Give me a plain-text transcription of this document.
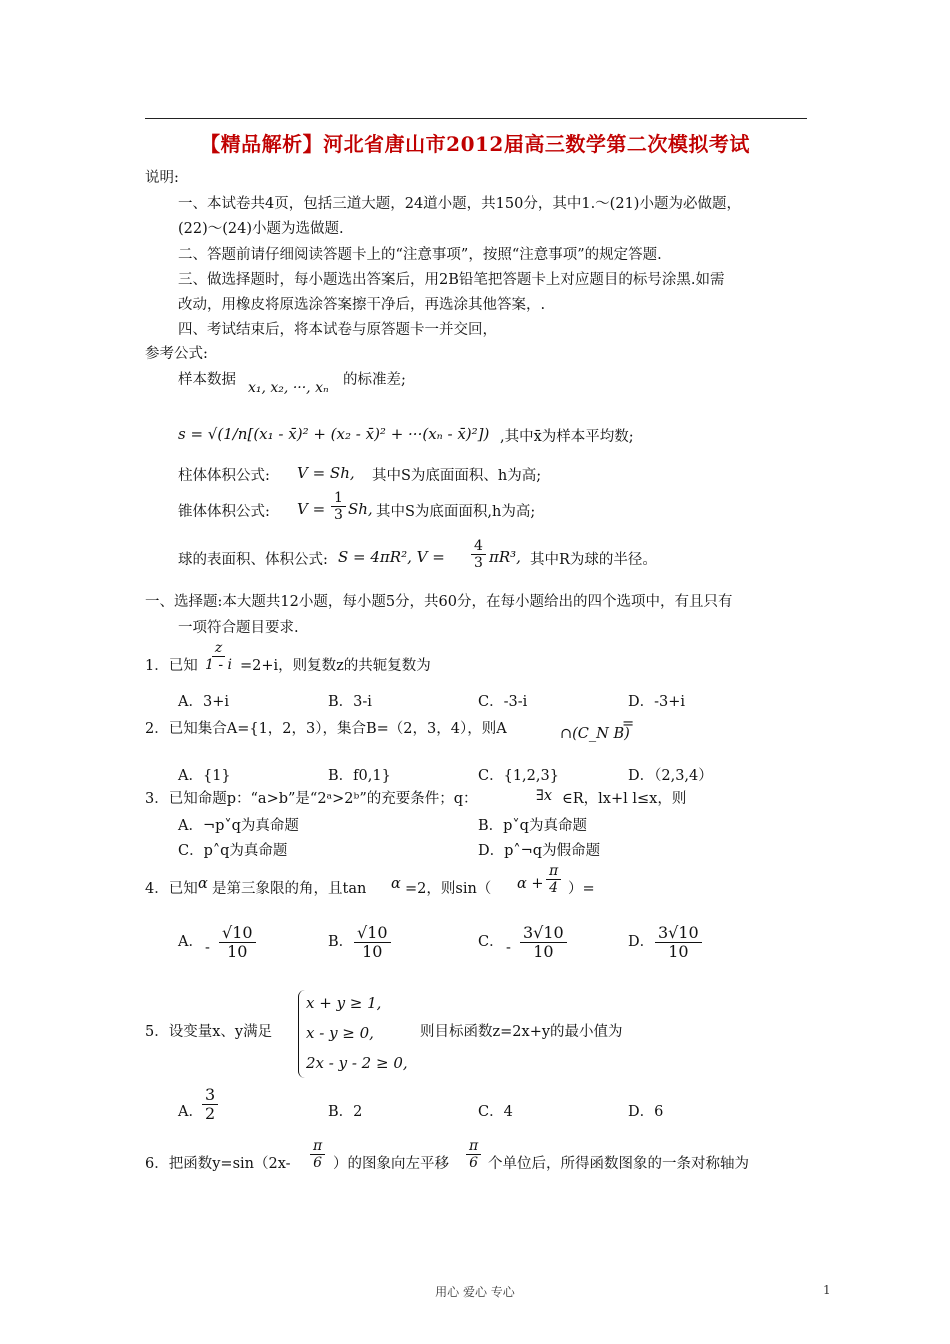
【精品解析】河北省唐山市2012届高三数学第二次模拟考试
说明:
一、本试卷共4页，包括三道大题，24道小题，共150分，其中1.～(21)小题为必做题，
(22)～(24)小题为选做题.
二、答题前请仔细阅读答题卡上的“注意事项”，按照“注意事项”的规定答题.
三、做选择题时，每小题选出答案后，用2B铅笔把答题卡上对应题目的标号涂黑.如需
改动，用橡皮将原选涂答案擦干净后，再选涂其他答案，.
四、考试结束后，将本试卷与原答题卡一并交回，
参考公式:
样本数据 x₁, x₂, ···, xₙ 的标准差;
s = √(1/n[(x₁ - x̄)² + (x₂ - x̄)² + ···(xₙ - x̄)²]) ,其中x̄为样本平均数;
柱体体积公式: V = Sh, 其中S为底面面积、h为高;
锥体体积公式: $V = \frac{1}{3} Sh$, 其中S为底面面积,h为高;
球的表面积、体积公式: S = 4πR², $V = \frac{4}{3} \pi R^3$, 其中R为球的半径。
一、选择题:本大题共12小题，每小题5分，共60分，在每小题给出的四个选项中，有且只有
一项符合题目要求.
1．已知 $\frac{z}{1 - i} =2+i$，则复数z的共轭复数为
A．3+i	B．3-i	C．-3-i	D．-3+i
2．已知集合A={1，2，3），集合B=（2，3，4），则A	∩(C_N B)
=
A．{1}	B．f0,1}	C．{1,2,3}	D．（2,3,4）
3．已知命题p：“a>b”是“2ᵃ>2ᵇ”的充要条件；q：	∃x ∈R，lx+l l≤x，则
A．¬p˅q为真命题	B．p˅q为真命题
C．p˄q为真命题	D．p˄¬q为假命题
4．已知 α 是第三象限的角，且tan α =2，则sin（ $\alpha + \frac{\pi}{4}$ ）=
A． - $\frac{√10}{10}$	B． $\frac{√10}{10}$	C． - $\frac{3√10}{10}$	D． $\frac{3√10}{10}$
5．设变量x、y满足
x + y ≥ 1,
x - y ≥ 0,
2x - y - 2 ≥ 0,
则目标函数z=2x+y的最小值为
A． $\frac{3}{2}$	B．2	C．4	D．6
6．把函数$y=\sin(2x- \frac{\pi}{6}$ ）的图象向左平移 $\frac{\pi}{6}$ 个单位后，所得函数图象的一条对称轴为
用心 爱心 专心	1
